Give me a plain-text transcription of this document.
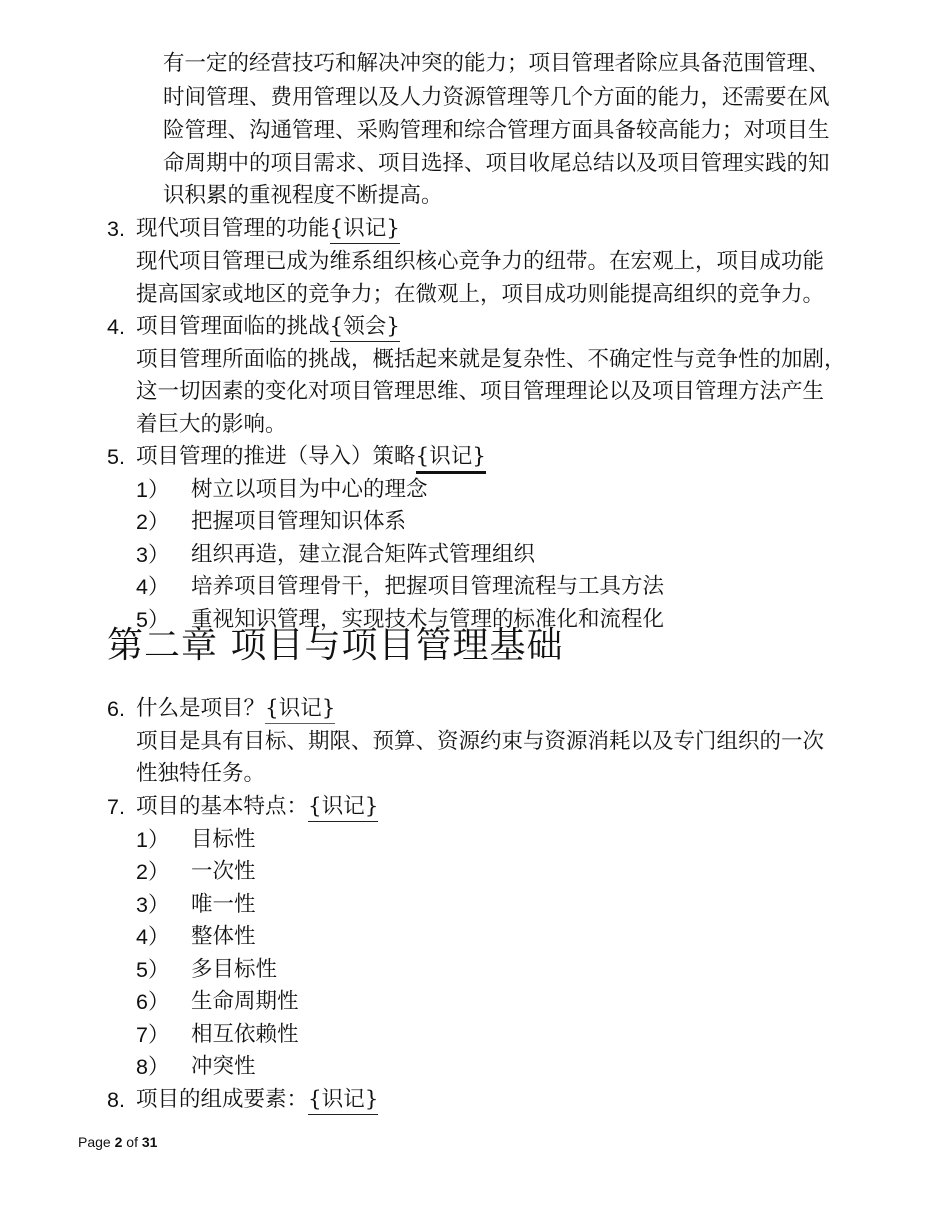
有一定的经营技巧和解决冲突的能力；项目管理者除应具备范围管理、
时间管理、费用管理以及人力资源管理等几个方面的能力，还需要在风
险管理、沟通管理、采购管理和综合管理方面具备较高能力；对项目生
命周期中的项目需求、项目选择、项目收尾总结以及项目管理实践的知
识积累的重视程度不断提高。
3. 现代项目管理的功能{识记}
现代项目管理已成为维系组织核心竞争力的纽带。在宏观上，项目成功能
提高国家或地区的竞争力；在微观上，项目成功则能提高组织的竞争力。
4. 项目管理面临的挑战{领会}
项目管理所面临的挑战，概括起来就是复杂性、不确定性与竞争性的加剧，
这一切因素的变化对项目管理思维、项目管理理论以及项目管理方法产生
着巨大的影响。
5. 项目管理的推进（导入）策略{识记}
1） 树立以项目为中心的理念
2） 把握项目管理知识体系
3） 组织再造，建立混合矩阵式管理组织
4） 培养项目管理骨干，把握项目管理流程与工具方法
5） 重视知识管理，实现技术与管理的标准化和流程化
第二章 项目与项目管理基础
6. 什么是项目？{识记}
项目是具有目标、期限、预算、资源约束与资源消耗以及专门组织的一次
性独特任务。
7. 项目的基本特点：{识记}
1） 目标性
2） 一次性
3） 唯一性
4） 整体性
5） 多目标性
6） 生命周期性
7） 相互依赖性
8） 冲突性
8. 项目的组成要素：{识记}
Page 2 of 31
